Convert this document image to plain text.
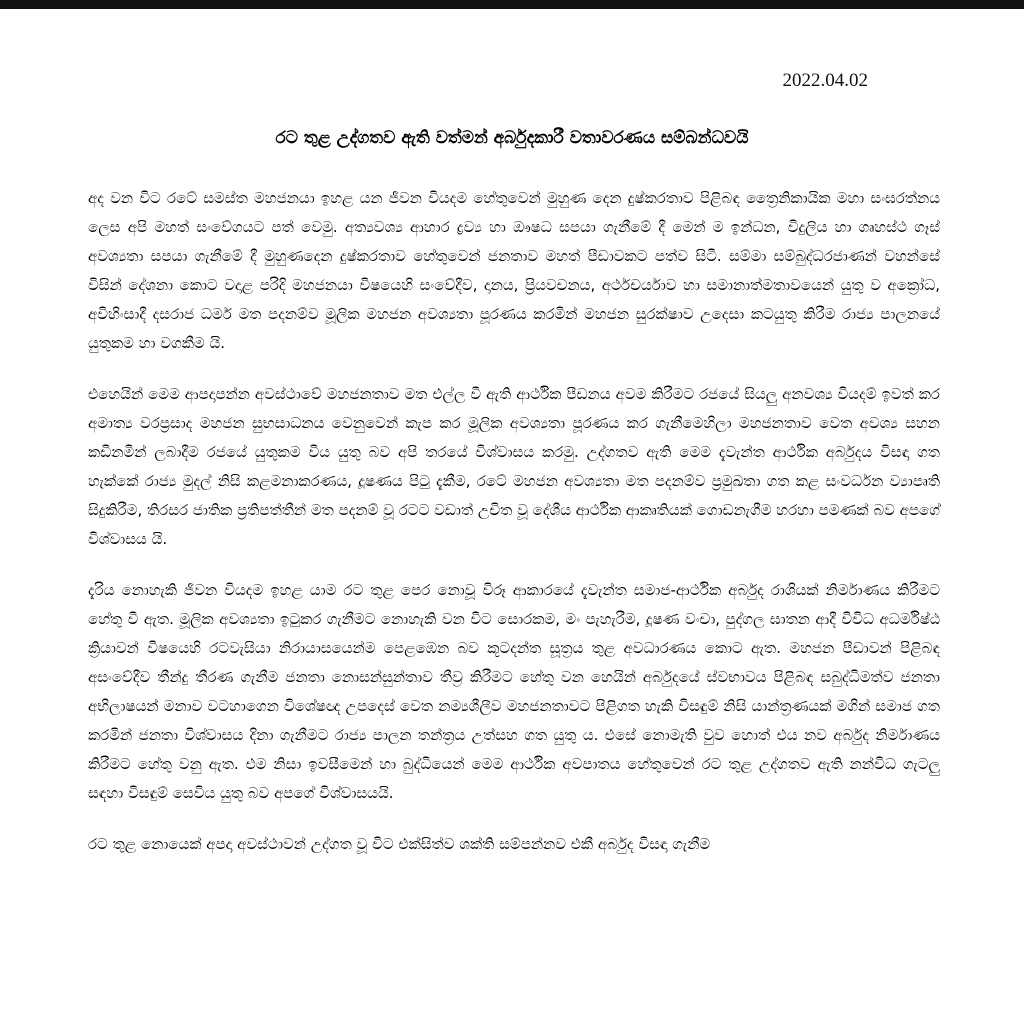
2022.04.02
රට තුළ උද්ගතව ඇති වත්මන් අර්බුදකාරී වතාවරණය සම්බන්ධවයි

අද වන විට රටේ සමස්ත මහජනයා ඉහළ යන ජීවන වියදම හේතුවෙන් මුහුණ දෙන දුෂ්කරතාව පිළිබඳ ත්‍රෛනිකායික මහා සංඝරත්නය ලෙස අපි මහත් සංවේගයට පත් වෙමු. අත්‍යවශ්‍ය ආහාර ද්‍රව්‍ය හා ඖෂධ සපයා ගැනීමේ දී මෙන් ම ඉන්ධන, විදුලිය හා ගෘහස්ථ ගෑස් අවශ්‍යතා සපයා ගැනීමේ දී මුහුණදෙන දුෂ්කරතාව හේතුවෙන් ජනතාව මහත් පීඩාවකට පත්ව සිටී. සම්මා සම්බුද්ධරජාණන් වහන්සේ විසින් දේශනා කොට වදාළ පරිදි මහජනයා විෂයෙහි සංවේදීව, දානය, ප්‍රියවචනය, අර්ථචර්යාව හා සමානාත්මතාවයෙන් යුතු ව අක්‍රෝධ, අවිහිංසාදී දසරාජ ධර්ම මත පදනම්ව මූලික මහජන අවශ්‍යතා පූරණය කරමින් මහජන සුරක්ෂාව උදෙසා කටයුතු කිරීම රාජ්‍ය පාලනයේ යුතුකම හා වගකීම යි.

එහෙයින් මෙම ආපදාපන්න අවස්ථාවේ මහජනතාව මත එල්ල වී ඇති ආර්ථික පීඩනය අවම කිරීමට රජයේ සියලු අනවශ්‍ය වියදම් ඉවත් කර අමාත්‍ය වරප්‍රසාද මහජන සුභසාධනය වෙනුවෙන් කැප කර මූලික අවශ්‍යතා පූරණය කර ගැනීමෙහිලා මහජනතාව වෙත අවශ්‍ය සහන කඩිනමින් ලබාදීම රජයේ යුතුකම විය යුතු බව අපි තරයේ විශ්වාසය කරමු. උද්ගතව ඇති මෙම දැවැන්ත ආර්ථික අර්බුදය විසඳා ගත හැක්කේ රාජ්‍ය මුදල් නිසි කළමනාකරණය, දූෂණය පිටු දැකීම, රටේ මහජන අවශ්‍යතා මත පදනම්ව ප්‍රමුඛතා ගත කළ සංවර්ධන ව්‍යාපෘති සිදුකිරීම, තිරසර ජාතික ප්‍රතිපත්තීන් මත පදනම් වූ රටට වඩාත් උචිත වූ දේශීය ආර්ථික ආකෘතියක් ගොඩනැගීම හරහා පමණක් බව අපගේ විශ්වාසය යි.

දැරිය නොහැකි ජීවන වියදම ඉහළ යාම රට තුළ පෙර නොවූ විරූ ආකාරයේ දැවැන්ත සමාජ-ආර්ථික අර්බුද රාශියක් නිර්මාණය කිරීමට හේතු වී ඇත. මූලික අවශ්‍යතා ඉටුකර ගැනීමට නොහැකි වන විට සොරකම, මං පැහැරීම, දූෂණ වංචා, පුද්ගල ඝාතන ආදී විවිධ අධර්මිෂ්ඨ ක්‍රියාවන් විෂයෙහි රටවැසියා නිරායාසයෙන්ම පෙළඹෙන බව කූටදන්ත සූත්‍රය තුළ අවධාරණය කොට ඇත. මහජන පීඩාවන් පිළිබඳ අසංවේදීව තීන්දු තීරණ ගැනීම ජනතා නොසන්සුන්තාව තීව්‍ර කිරීමට හේතු වන හෙයින් අර්බුදයේ ස්වභාවය පිළිබඳ සබුද්ධිමත්ව ජනතා අභිලාෂයන් මනාව වටහාගෙන විශේෂඥ උපදෙස් වෙත නම්‍යශීලීව මහජනතාවට පිළිගත හැකි විසඳුම් නිසි යාන්ත්‍රණයක් මගින් සමාජ ගත කරමින් ජනතා විශ්වාසය දිනා ගැනීමට රාජ්‍ය පාලන තන්ත්‍රය උත්සහ ගත යුතු ය. එසේ නොමැති වුව හොත් එය නව අර්බුද නිර්මාණය කිරීමට හේතු වනු ඇත. එම නිසා ඉවසීමෙන් හා බුද්ධියෙන් මෙම ආර්ථික අවපාතය හේතුවෙන් රට තුළ උද්ගතව ඇති නන්විධ ගැටලු සඳහා විසඳුම් සෙවිය යුතු බව අපගේ විශ්වාසයයි.

රට තුළ නොයෙක් අපදා අවස්ථාවන් උද්ගත වූ විට එක්සිත්ව ශක්ති සම්පන්නව එකී අර්බුද විසඳා ගැනීම
